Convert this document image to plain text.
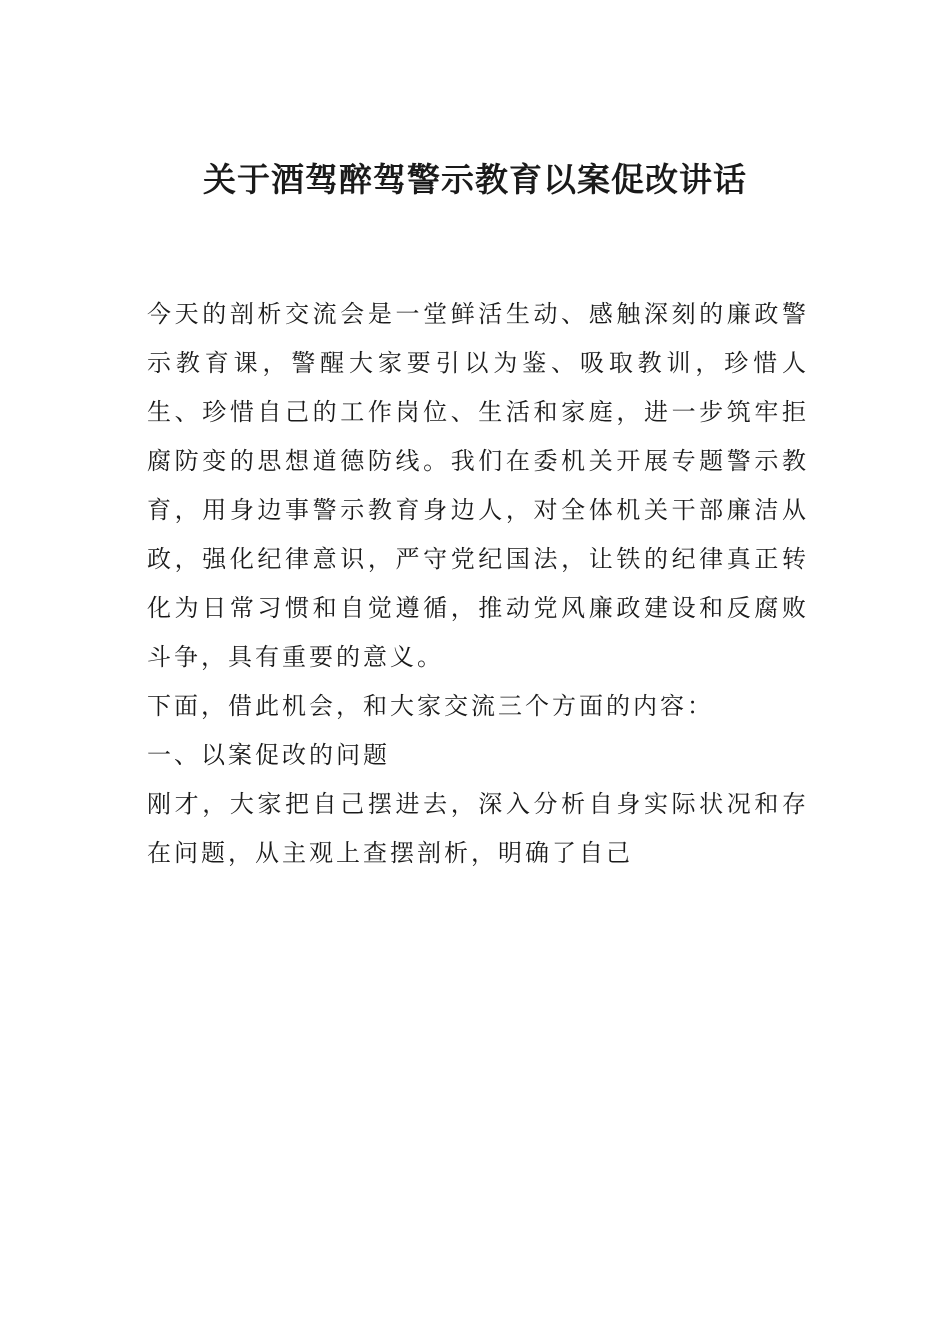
关于酒驾醉驾警示教育以案促改讲话

今天的剖析交流会是一堂鲜活生动、感触深刻的廉政警示教育课，警醒大家要引以为鉴、吸取教训，珍惜人生、珍惜自己的工作岗位、生活和家庭，进一步筑牢拒腐防变的思想道德防线。我们在委机关开展专题警示教育，用身边事警示教育身边人，对全体机关干部廉洁从政，强化纪律意识，严守党纪国法，让铁的纪律真正转化为日常习惯和自觉遵循，推动党风廉政建设和反腐败斗争，具有重要的意义。

下面，借此机会，和大家交流三个方面的内容：

一、以案促改的问题

刚才，大家把自己摆进去，深入分析自身实际状况和存在问题，从主观上查摆剖析，明确了自己
